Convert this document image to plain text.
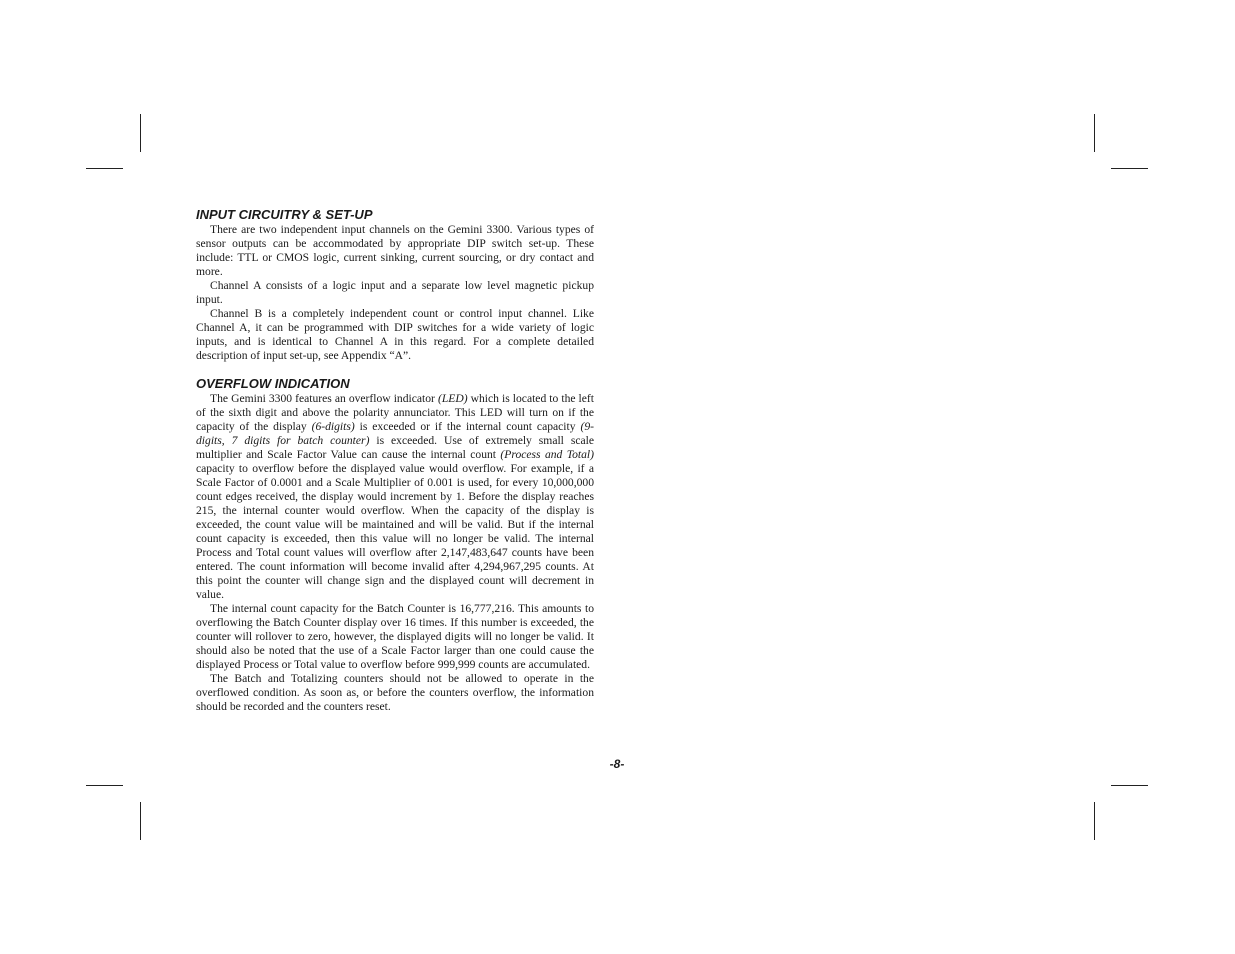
INPUT CIRCUITRY & SET-UP

There are two independent input channels on the Gemini 3300. Various types of sensor outputs can be accommodated by appropriate DIP switch set-up. These include: TTL or CMOS logic, current sinking, current sourcing, or dry contact and more.

Channel A consists of a logic input and a separate low level magnetic pickup input.

Channel B is a completely independent count or control input channel. Like Channel A, it can be programmed with DIP switches for a wide variety of logic inputs, and is identical to Channel A in this regard. For a complete detailed description of input set-up, see Appendix “A”.

OVERFLOW INDICATION

The Gemini 3300 features an overflow indicator (LED) which is located to the left of the sixth digit and above the polarity annunciator. This LED will turn on if the capacity of the display (6-digits) is exceeded or if the internal count capacity (9-digits, 7 digits for batch counter) is exceeded. Use of extremely small scale multiplier and Scale Factor Value can cause the internal count (Process and Total) capacity to overflow before the displayed value would overflow. For example, if a Scale Factor of 0.0001 and a Scale Multiplier of 0.001 is used, for every 10,000,000 count edges received, the display would increment by 1. Before the display reaches 215, the internal counter would overflow. When the capacity of the display is exceeded, the count value will be maintained and will be valid. But if the internal count capacity is exceeded, then this value will no longer be valid. The internal Process and Total count values will overflow after 2,147,483,647 counts have been entered. The count information will become invalid after 4,294,967,295 counts. At this point the counter will change sign and the displayed count will decrement in value.

The internal count capacity for the Batch Counter is 16,777,216. This amounts to overflowing the Batch Counter display over 16 times. If this number is exceeded, the counter will rollover to zero, however, the displayed digits will no longer be valid. It should also be noted that the use of a Scale Factor larger than one could cause the displayed Process or Total value to overflow before 999,999 counts are accumulated.

The Batch and Totalizing counters should not be allowed to operate in the overflowed condition. As soon as, or before the counters overflow, the information should be recorded and the counters reset.

-8-
